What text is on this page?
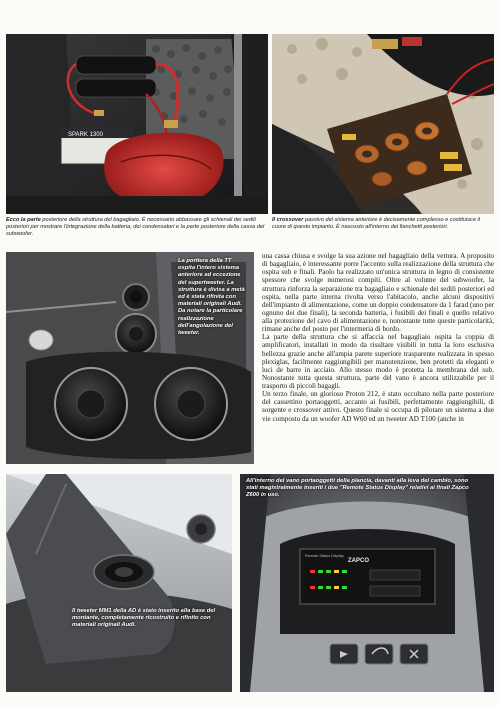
SPARK 1300
Ecco la parte posteriore della struttura del bagagliaio. È necessario abbassare gli schienali dei sedili posteriori per mostrare l'integrazione della batteria, dei condensatori e la parte posteriore della cassa del subwoofer.
Il crossover passivo del sistema anteriore è decisamente complesso e costituisce il cuore di questo impianto. È nascosto all'interno dei fianchetti posteriori.
La portiera della TT ospita l'intero sistema anteriore ad eccezione del supertweeter. La struttura è divisa a metà ed è stata rifinita con materiali originali Audi. Da notare la particolare realizzazione dell'angolazione del tweeter.

una cassa chiusa e svolge la sua azione nel bagagliaio della vettura. A proposito di bagagliaio, è interessante porre l'accento sulla realizzazione della struttura che ospita sub e finali. Paolo ha realizzato un'unica struttura in legno di consistente spessore che svolge numerosi compiti. Oltre al volume del subwoofer, la struttura rinforza la separazione tra bagagliaio e schienale dei sedili posteriori ed ospita, nella parte interna rivolta verso l'abitacolo, anche alcuni dispositivi dell'impianto di alimentazione, come un doppio condensatore da 1 farad (uno per ognuno dei due finali), la seconda batteria, i fusibili dei finali e quello relativo alla protezione del cavo di alimentazione e, nonostante tutte queste particolarità, rimane anche del posto per l'intermeria di bordo.

La parte della struttura che si affaccia nel bagagliaio ospita la coppia di amplificatori, installati in modo da risultare visibili in tutta la loro esclusiva bellezza grazie anche all'ampia parete superiore trasparente realizzata in spesso plexiglas, facilmente raggiungibili per manutenzione, ben protetti da eleganti e luci de barre in acciaio. Allo stesso modo è protetta la membrana del sub. Nonostante tutta questa struttura, parte del vano è ancora utilizzabile per il trasporto di piccoli bagagli.

Un terzo finale, un glorioso Proton 212, è stato occultato nella parte posteriore del cassettino portaoggetti, accanto ai fusibili, perfettamente raggiungibili, di sorgente e crossover attivo. Questo finale si occupa di pilotare un sistema a due vie composto da un woofer AD W60 ed un tweeter AD T100 (anche in

Il tweeter MM1 della AD è stato inserito alla base del montante, completamente ricostruito e rifinito con materiali originali Audi.
ZAPCO
Remote Status Display
All'interno del vano portaoggetti della plancia, davanti alla leva del cambio, sono stati magistralmente inseriti i due "Remote Status Display" relativi ai finali Zapco Z600 in uso.
